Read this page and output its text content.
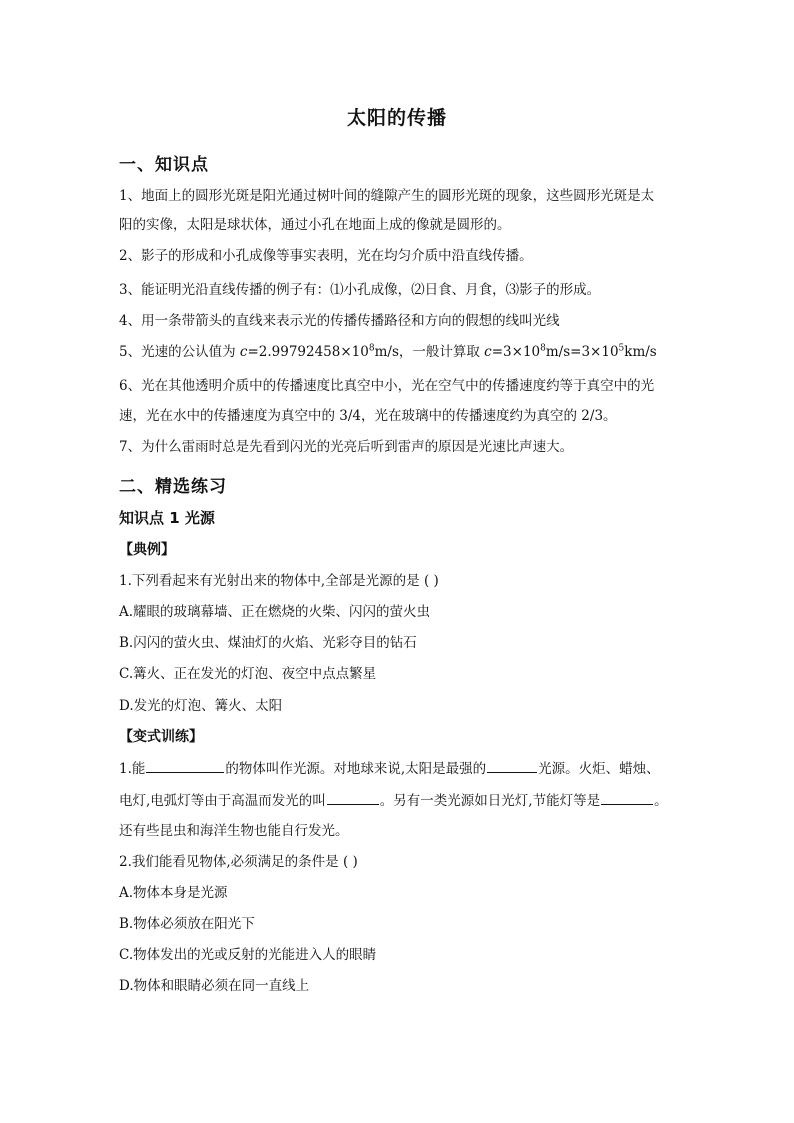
太阳的传播
一、知识点
1、地面上的圆形光斑是阳光通过树叶间的缝隙产生的圆形光斑的现象，这些圆形光斑是太
阳的实像，太阳是球状体，通过小孔在地面上成的像就是圆形的。
2、影子的形成和小孔成像等事实表明，光在均匀介质中沿直线传播。
3、能证明光沿直线传播的例子有：⑴小孔成像，⑵日食、月食，⑶影子的形成。
4、用一条带箭头的直线来表示光的传播传播路径和方向的假想的线叫光线
5、光速的公认值为 $c=2.99792458\times 10^8m/s$，一般计算取 $c=3\times 10^8m/s=3\times 10^5km/s$
6、光在其他透明介质中的传播速度比真空中小，光在空气中的传播速度约等于真空中的光
速，光在水中的传播速度为真空中的 3/4，光在玻璃中的传播速度约为真空的 2/3。
7、为什么雷雨时总是先看到闪光的光亮后听到雷声的原因是光速比声速大。
二、精选练习
知识点 1 光源
【典例】
1.下列看起来有光射出来的物体中,全部是光源的是 ( )
A.耀眼的玻璃幕墙、正在燃烧的火柴、闪闪的萤火虫
B.闪闪的萤火虫、煤油灯的火焰、光彩夺目的钻石
C.篝火、正在发光的灯泡、夜空中点点繁星
D.发光的灯泡、篝火、太阳
【变式训练】
1.能	的物体叫作光源。对地球来说,太阳是最强的	光源。火炬、蜡烛、
电灯,电弧灯等由于高温而发光的叫	。另有一类光源如日光灯,节能灯等是	。
还有些昆虫和海洋生物也能自行发光。
2.我们能看见物体,必须满足的条件是 ( )
A.物体本身是光源
B.物体必须放在阳光下
C.物体发出的光或反射的光能进入人的眼睛
D.物体和眼睛必须在同一直线上
